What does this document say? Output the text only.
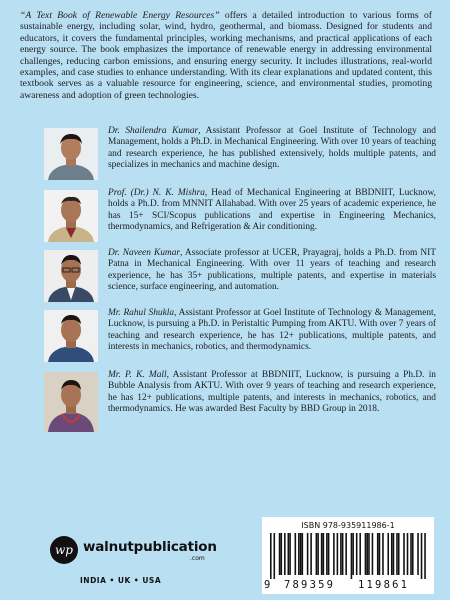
“A Text Book of Renewable Energy Resources” offers a detailed introduction to various forms of sustainable energy, including solar, wind, hydro, geothermal, and biomass. Designed for students and educators, it covers the fundamental principles, working mechanisms, and practical applications of each energy source. The book emphasizes the importance of renewable energy in addressing environmental challenges, reducing carbon emissions, and ensuring energy security. It includes illustrations, real-world examples, and case studies to enhance understanding. With its clear explanations and updated content, this textbook serves as a valuable resource for engineering, science, and environmental studies, promoting awareness and adoption of green technologies.
Dr. Shailendra Kumar, Assistant Professor at Goel Institute of Technology and Management, holds a Ph.D. in Mechanical Engineering. With over 10 years of teaching and research experience, he has published extensively, holds multiple patents, and specializes in mechanics and machine design.
Prof. (Dr.) N. K. Mishra, Head of Mechanical Engineering at BBDNIIT, Lucknow, holds a Ph.D. from MNNIT Allahabad. With over 25 years of academic experience, he has 15+ SCI/Scopus publications and expertise in Engineering Mechanics, thermodynamics, and Refrigeration & Air conditioning.
Dr. Naveen Kumar, Associate professor at UCER, Prayagraj, holds a Ph.D. from NIT Patna in Mechanical Engineering. With over 11 years of teaching and research experience, he has 35+ publications, multiple patents, and expertise in materials science, surface engineering, and automation.
Mr. Rahul Shukla, Assistant Professor at Goel Institute of Technology & Management, Lucknow, is pursuing a Ph.D. in Peristaltic Pumping from AKTU. With over 7 years of teaching and research experience, he has 12+ publications, multiple patents, and interests in mechanics, robotics, and thermodynamics.
Mr. P. K. Mall, Assistant Professor at BBDNIIT, Lucknow, is pursuing a Ph.D. in Bubble Analysis from AKTU. With over 9 years of teaching and research experience, he has 12+ publications, multiple patents, and interests in mechanics, robotics, and thermodynamics. He was awarded Best Faculty by BBD Group in 2018.
wp walnutpublication
.com
INDIA • UK • USA
ISBN 978-935911986-1
9 789359 119861
